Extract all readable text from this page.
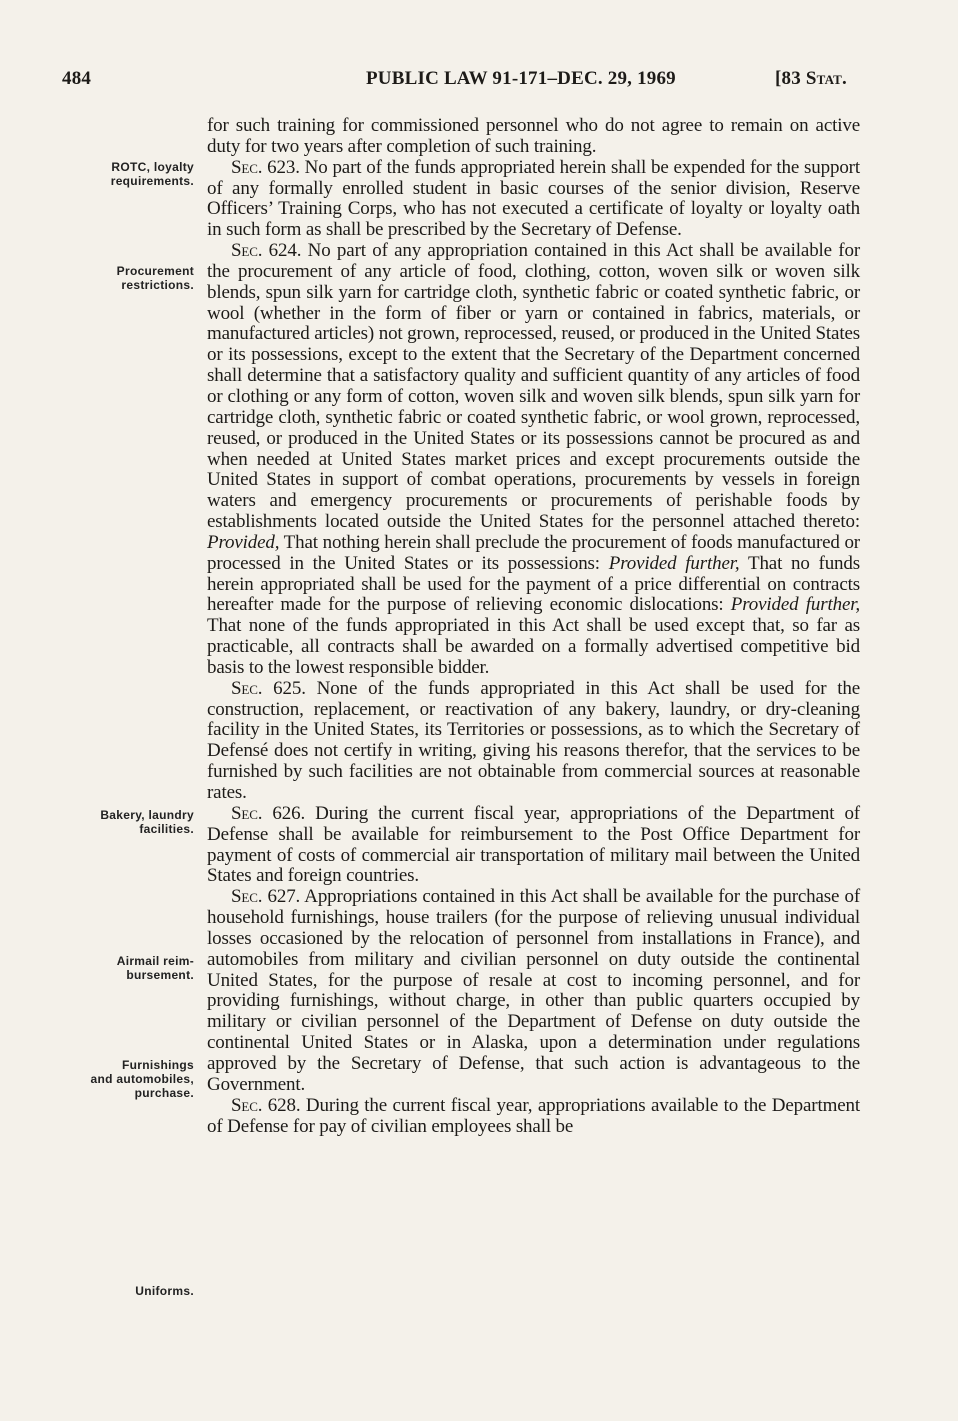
484	PUBLIC LAW 91-171–DEC. 29, 1969	[83 Stat.
ROTC, loyalty
requirements.
Procurement
restrictions.
Bakery, laundry
facilities.
Airmail reim-
bursement.
Furnishings
and automobiles,
purchase.
Uniforms.

for such training for commissioned personnel who do not agree to remain on active duty for two years after completion of such training.

Sec. 623. No part of the funds appropriated herein shall be expended for the support of any formally enrolled student in basic courses of the senior division, Reserve Officers’ Training Corps, who has not executed a certificate of loyalty or loyalty oath in such form as shall be prescribed by the Secretary of Defense.

Sec. 624. No part of any appropriation contained in this Act shall be available for the procurement of any article of food, clothing, cotton, woven silk or woven silk blends, spun silk yarn for cartridge cloth, synthetic fabric or coated synthetic fabric, or wool (whether in the form of fiber or yarn or contained in fabrics, materials, or manufactured articles) not grown, reprocessed, reused, or produced in the United States or its possessions, except to the extent that the Secretary of the Department concerned shall determine that a satisfactory quality and sufficient quantity of any articles of food or clothing or any form of cotton, woven silk and woven silk blends, spun silk yarn for cartridge cloth, synthetic fabric or coated synthetic fabric, or wool grown, reprocessed, reused, or produced in the United States or its possessions cannot be procured as and when needed at United States market prices and except procurements outside the United States in support of combat operations, procurements by vessels in foreign waters and emergency procurements or procurements of perishable foods by establishments located outside the United States for the personnel attached thereto: Provided, That nothing herein shall preclude the procurement of foods manufactured or processed in the United States or its possessions: Provided further, That no funds herein appropriated shall be used for the payment of a price differential on contracts hereafter made for the purpose of relieving economic dislocations: Provided further, That none of the funds appropriated in this Act shall be used except that, so far as practicable, all contracts shall be awarded on a formally advertised competitive bid basis to the lowest responsible bidder.

Sec. 625. None of the funds appropriated in this Act shall be used for the construction, replacement, or reactivation of any bakery, laundry, or dry-cleaning facility in the United States, its Territories or possessions, as to which the Secretary of Defensé does not certify in writing, giving his reasons therefor, that the services to be furnished by such facilities are not obtainable from commercial sources at reasonable rates.

Sec. 626. During the current fiscal year, appropriations of the Department of Defense shall be available for reimbursement to the Post Office Department for payment of costs of commercial air transportation of military mail between the United States and foreign countries.

Sec. 627. Appropriations contained in this Act shall be available for the purchase of household furnishings, house trailers (for the purpose of relieving unusual individual losses occasioned by the relocation of personnel from installations in France), and automobiles from military and civilian personnel on duty outside the continental United States, for the purpose of resale at cost to incoming personnel, and for providing furnishings, without charge, in other than public quarters occupied by military or civilian personnel of the Department of Defense on duty outside the continental United States or in Alaska, upon a determination under regulations approved by the Secretary of Defense, that such action is advantageous to the Government.

Sec. 628. During the current fiscal year, appropriations available to the Department of Defense for pay of civilian employees shall be
